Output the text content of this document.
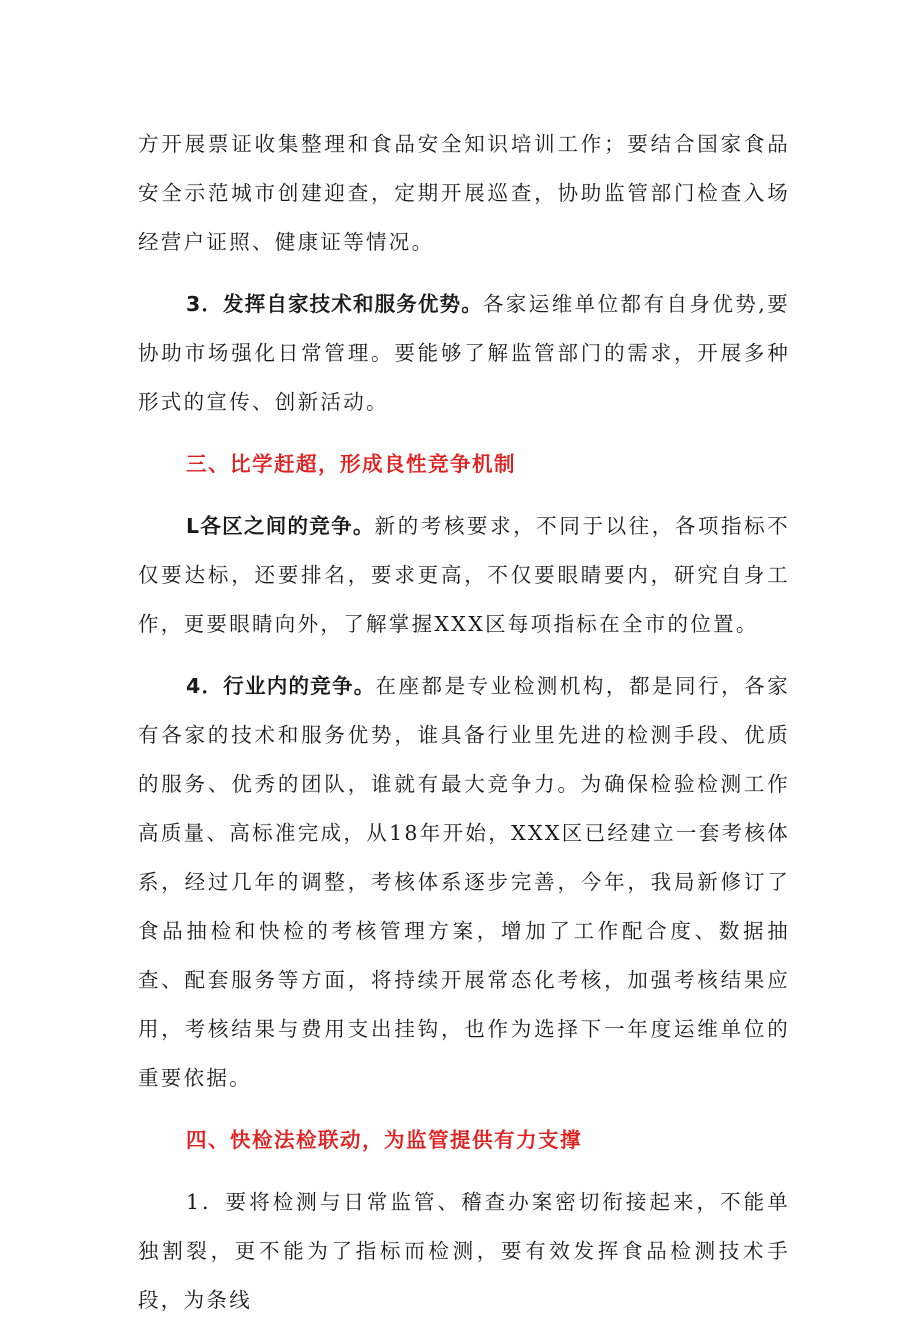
方开展票证收集整理和食品安全知识培训工作；要结合国家食品安全示范城市创建迎查，定期开展巡查，协助监管部门检查入场经营户证照、健康证等情况。

3．发挥自家技术和服务优势。各家运维单位都有自身优势,要协助市场强化日常管理。要能够了解监管部门的需求，开展多种形式的宣传、创新活动。

三、比学赶超，形成良性竞争机制

L各区之间的竞争。新的考核要求，不同于以往，各项指标不仅要达标，还要排名，要求更高，不仅要眼睛要内，研究自身工作，更要眼睛向外，了解掌握XXX区每项指标在全市的位置。

4．行业内的竞争。在座都是专业检测机构，都是同行，各家有各家的技术和服务优势，谁具备行业里先进的检测手段、优质的服务、优秀的团队，谁就有最大竞争力。为确保检验检测工作高质量、高标准完成，从18年开始，XXX区已经建立一套考核体系，经过几年的调整，考核体系逐步完善，今年，我局新修订了食品抽检和快检的考核管理方案，增加了工作配合度、数据抽查、配套服务等方面，将持续开展常态化考核，加强考核结果应用，考核结果与费用支出挂钩，也作为选择下一年度运维单位的重要依据。

四、快检法检联动，为监管提供有力支撑

1．要将检测与日常监管、稽查办案密切衔接起来，不能单独割裂，更不能为了指标而检测，要有效发挥食品检测技术手段，为条线
